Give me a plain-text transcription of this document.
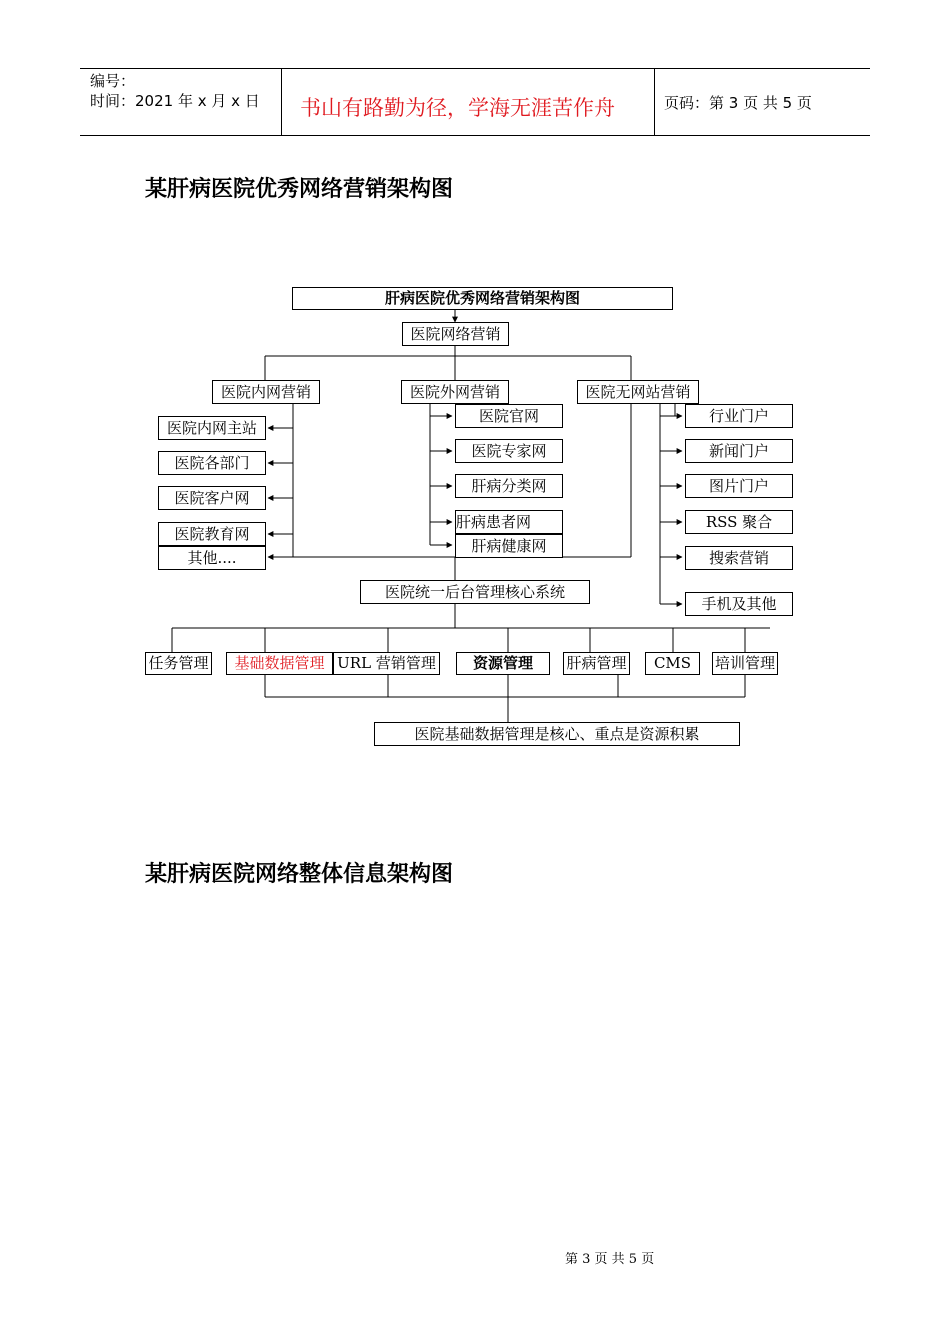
编号：
时间：2021 年 x 月 x 日 书山有路勤为径，学海无涯苦作舟	页码：第 3 页 共 5 页
某肝病医院优秀网络营销架构图
肝病医院优秀网络营销架构图
医院网络营销
医院内网营销	医院外网营销	医院无网站营销
医院内网主站
医院各部门
医院客户网
医院教育网
其他....
医院官网
医院专家网
肝病分类网
肝病患者网
肝病健康网
行业门户
新闻门户
图片门户
RSS 聚合
搜索营销
手机及其他
医院统一后台管理核心系统
任务管理	基础数据管理 URL 营销管理	资源管理	肝病管理	CMS	培训管理
医院基础数据管理是核心、重点是资源积累
某肝病医院网络整体信息架构图
第 3 页 共 5 页
